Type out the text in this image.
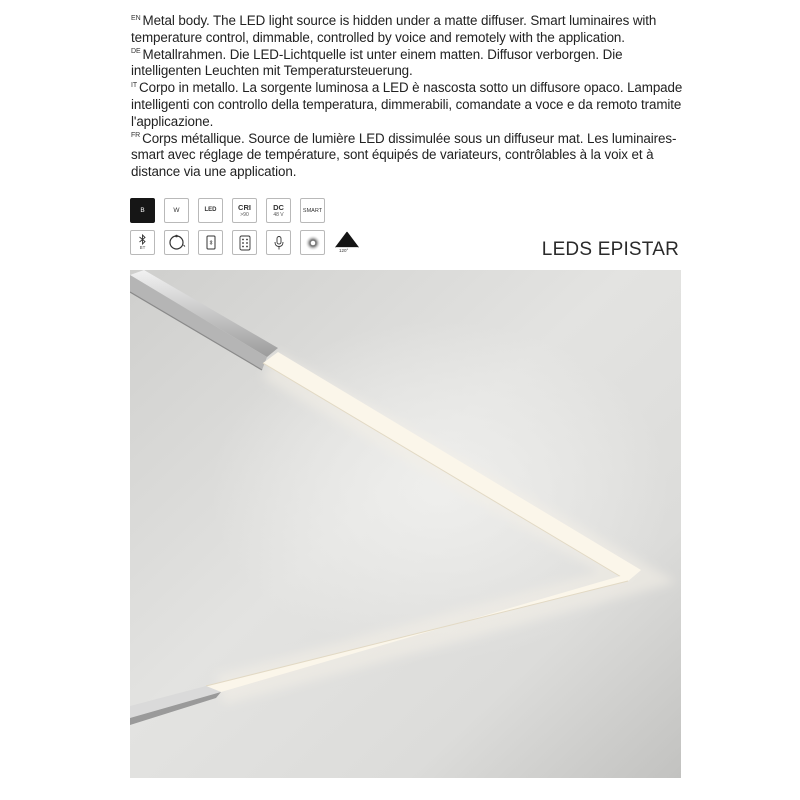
$^{EN}$ Metal body. The LED light source is hidden under a matte diffuser. Smart luminaires with temperature control, dimmable, controlled by voice and remotely with the application.

$^{DE}$ Metallrahmen. Die LED-Lichtquelle ist unter einem matten. Diffusor verborgen. Die intelligenten Leuchten mit Temperatursteuerung.

$^{IT}$ Corpo in metallo. La sorgente luminosa a LED è nascosta sotto un diffusore opaco. Lampade intelligenti con controllo della temperatura, dimmerabili, comandate a voce e da remoto tramite l'applicazione.

$^{FR}$ Corps métallique. Source de lumière LED dissimulée sous un diffuseur mat. Les luminaires-smart avec réglage de température, sont équipés de variateurs, contrôlables à la voix et à distance via une application.

B	W	LED	CRI
>90
DC
48 V
SMART
BT
120°	LEDS EPISTAR
